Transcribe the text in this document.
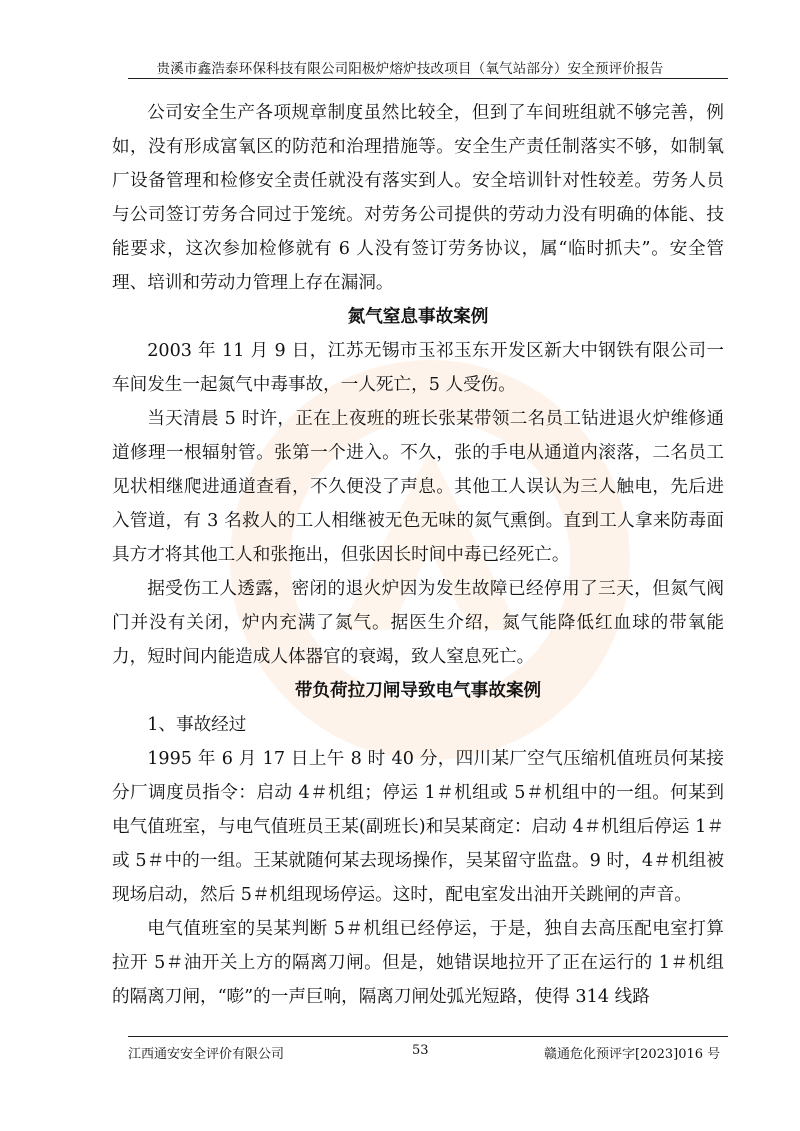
贵溪市鑫浩泰环保科技有限公司阳极炉熔炉技改项目（氧气站部分）安全预评价报告

公司安全生产各项规章制度虽然比较全，但到了车间班组就不够完善，例如，没有形成富氧区的防范和治理措施等。安全生产责任制落实不够，如制氧厂设备管理和检修安全责任就没有落实到人。安全培训针对性较差。劳务人员与公司签订劳务合同过于笼统。对劳务公司提供的劳动力没有明确的体能、技能要求，这次参加检修就有 6 人没有签订劳务协议，属“临时抓夫”。安全管理、培训和劳动力管理上存在漏洞。

氮气窒息事故案例

2003 年 11 月 9 日，江苏无锡市玉祁玉东开发区新大中钢铁有限公司一车间发生一起氮气中毒事故，一人死亡，5 人受伤。

当天清晨 5 时许，正在上夜班的班长张某带领二名员工钻进退火炉维修通道修理一根辐射管。张第一个进入。不久，张的手电从通道内滚落，二名员工见状相继爬进通道查看，不久便没了声息。其他工人误认为三人触电，先后进入管道，有 3 名救人的工人相继被无色无味的氮气熏倒。直到工人拿来防毒面具方才将其他工人和张拖出，但张因长时间中毒已经死亡。

据受伤工人透露，密闭的退火炉因为发生故障已经停用了三天，但氮气阀门并没有关闭，炉内充满了氮气。据医生介绍，氮气能降低红血球的带氧能力，短时间内能造成人体器官的衰竭，致人窒息死亡。

带负荷拉刀闸导致电气事故案例

1、事故经过

1995 年 6 月 17 日上午 8 时 40 分，四川某厂空气压缩机值班员何某接分厂调度员指令：启动 4＃机组；停运 1＃机组或 5＃机组中的一组。何某到电气值班室，与电气值班员王某(副班长)和吴某商定：启动 4＃机组后停运 1＃或 5＃中的一组。王某就随何某去现场操作，吴某留守监盘。9 时，4＃机组被现场启动，然后 5＃机组现场停运。这时，配电室发出油开关跳闸的声音。

电气值班室的吴某判断 5＃机组已经停运，于是，独自去高压配电室打算拉开 5＃油开关上方的隔离刀闸。但是，她错误地拉开了正在运行的 1＃机组的隔离刀闸，“嘭”的一声巨响，隔离刀闸处弧光短路，使得 314 线路

江西通安安全评价有限公司	53	赣通危化预评字[2023]016 号
